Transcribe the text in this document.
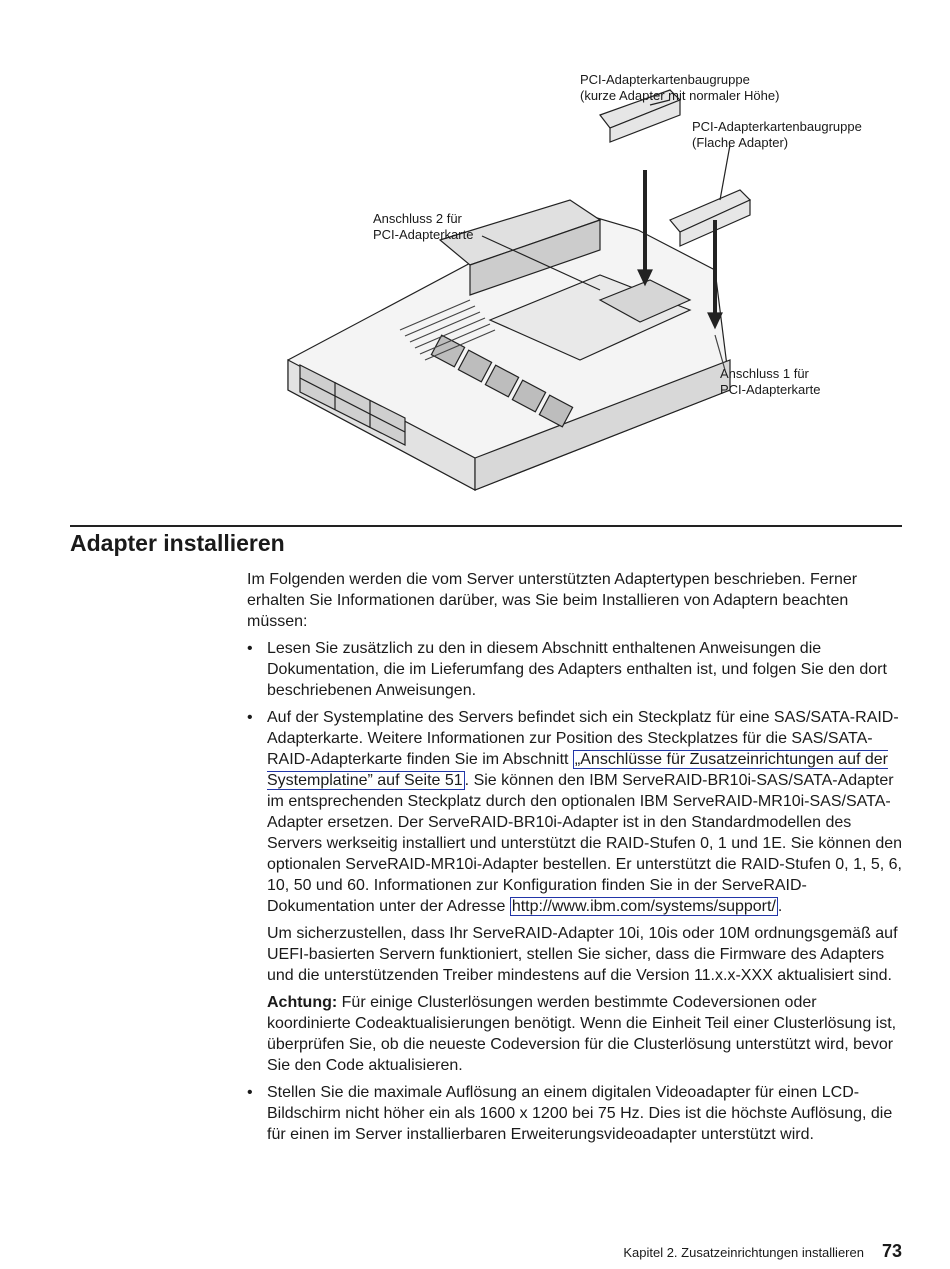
PCI-Adapterkartenbaugruppe
(kurze Adapter mit normaler Höhe)
PCI-Adapterkartenbaugruppe
(Flache Adapter)
Anschluss 2 für
PCI-Adapterkarte
Anschluss 1 für
PCI-Adapterkarte
Adapter installieren

Im Folgenden werden die vom Server unterstützten Adaptertypen beschrieben. Ferner erhalten Sie Informationen darüber, was Sie beim Installieren von Adaptern beachten müssen:

• Lesen Sie zusätzlich zu den in diesem Abschnitt enthaltenen Anweisungen die Dokumentation, die im Lieferumfang des Adapters enthalten ist, und folgen Sie den dort beschriebenen Anweisungen.
• Auf der Systemplatine des Servers befindet sich ein Steckplatz für eine SAS/SATA-RAID-Adapterkarte. Weitere Informationen zur Position des Steckplatzes für die SAS/SATA-RAID-Adapterkarte finden Sie im Abschnitt „Anschlüsse für Zusatzeinrichtungen auf der Systemplatine” auf Seite 51 . Sie können den IBM ServeRAID-BR10i-SAS/SATA-Adapter im entsprechenden Steckplatz durch den optionalen IBM ServeRAID-MR10i-SAS/SATA-Adapter ersetzen. Der ServeRAID-BR10i-Adapter ist in den Standardmodellen des Servers werkseitig installiert und unterstützt die RAID-Stufen 0, 1 und 1E. Sie können den optionalen ServeRAID-MR10i-Adapter bestellen. Er unterstützt die RAID-Stufen 0, 1, 5, 6, 10, 50 und 60. Informationen zur Konfiguration finden Sie in der ServeRAID-Dokumentation unter der Adresse http://www.ibm.com/systems/support/ .

Um sicherzustellen, dass Ihr ServeRAID-Adapter 10i, 10is oder 10M ordnungsgemäß auf UEFI-basierten Servern funktioniert, stellen Sie sicher, dass die Firmware des Adapters und die unterstützenden Treiber mindestens auf die Version 11.x.x-XXX aktualisiert sind.

Achtung: Für einige Clusterlösungen werden bestimmte Codeversionen oder koordinierte Codeaktualisierungen benötigt. Wenn die Einheit Teil einer Clusterlösung ist, überprüfen Sie, ob die neueste Codeversion für die Clusterlösung unterstützt wird, bevor Sie den Code aktualisieren.

• Stellen Sie die maximale Auflösung an einem digitalen Videoadapter für einen LCD-Bildschirm nicht höher ein als 1600 x 1200 bei 75 Hz. Dies ist die höchste Auflösung, die für einen im Server installierbaren Erweiterungsvideoadapter unterstützt wird.
Kapitel 2. Zusatzeinrichtungen installieren 73
